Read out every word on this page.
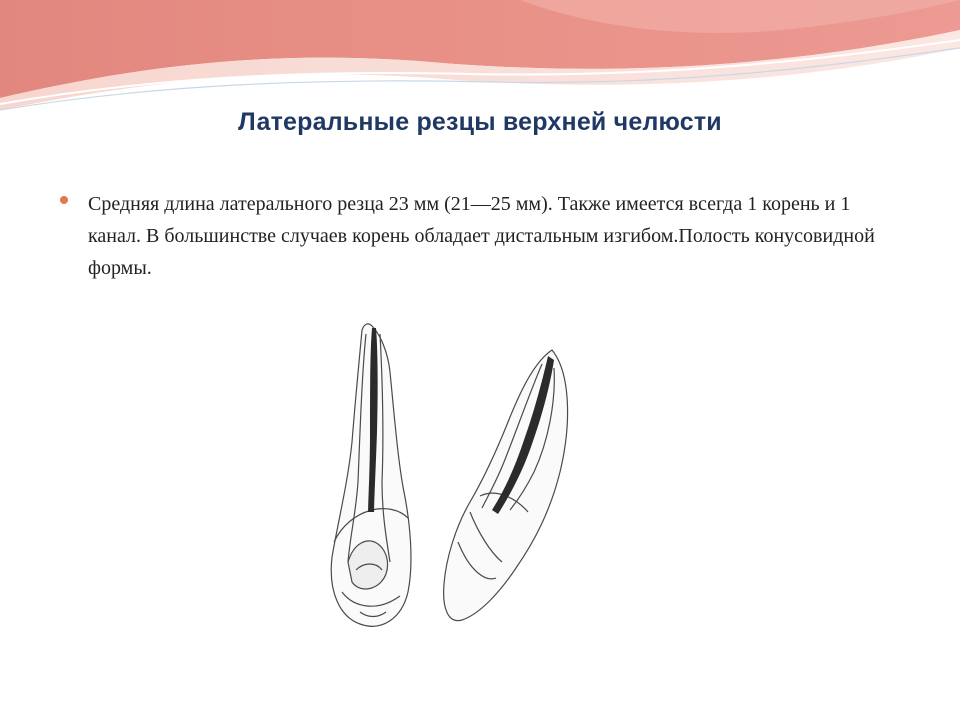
Латеральные резцы верхней челюсти
Средняя длина латерального резца 23 мм (21—25 мм). Также имеется всегда 1 корень и 1 канал. В большинстве случаев корень обладает дистальным изгибом.Полость конусовидной формы.
